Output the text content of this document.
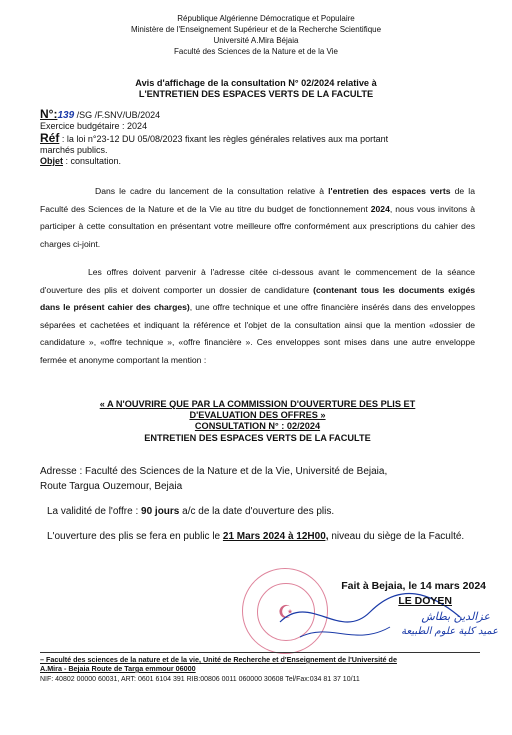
République Algérienne Démocratique et Populaire
Ministère de l'Enseignement Supérieur et de la Recherche Scientifique
Université A.Mira Béjaia
Faculté des Sciences de la Nature et de la Vie
Avis d'affichage de la consultation N° 02/2024 relative à
L'ENTRETIEN DES ESPACES VERTS DE LA FACULTE
N°:139 /SG /F.SNV/UB/2024
Exercice budgétaire : 2024
Réf : la loi n°23-12 DU 05/08/2023 fixant les règles générales relatives aux ma portant
marchés publics.
Objet : consultation.
Dans le cadre du lancement de la consultation relative à l'entretien des espaces verts de la Faculté des Sciences de la Nature et de la Vie au titre du budget de fonctionnement 2024, nous vous invitons à participer à cette consultation en présentant votre meilleure offre conformément aux prescriptions du cahier des charges ci-joint.
Les offres doivent parvenir à l'adresse citée ci-dessous avant le commencement de la séance d'ouverture des plis et doivent comporter un dossier de candidature (contenant tous les documents exigés dans le présent cahier des charges), une offre technique et une offre financière insérés dans des enveloppes séparées et cachetées et indiquant la référence et l'objet de la consultation ainsi que la mention «dossier de candidature », «offre technique », «offre financière ». Ces enveloppes sont mises dans une autre enveloppe fermée et anonyme comportant la mention :
« A N'OUVRIRE QUE PAR LA COMMISSION D'OUVERTURE DES PLIS ET
D'EVALUATION DES OFFRES »
CONSULTATION N° : 02/2024
ENTRETIEN DES ESPACES VERTS DE LA FACULTE
Adresse : Faculté des Sciences de la Nature et de la Vie, Université de Bejaia,
Route Targua Ouzemour, Bejaia
La validité de l'offre : 90 jours a/c de la date d'ouverture des plis.
L'ouverture des plis se fera en public le 21 Mars 2024 à 12H00, niveau du siège de la Faculté.
☪
Fait à Bejaia, le 14 mars 2024
LE DOYEN
عزالدين بطاش
عميد كلية علوم الطبيعة
– Faculté des sciences de la nature et de la vie, Unité de Recherche et d'Enseignement de l'Université de
A.Mira - Bejaia Route de Targa emmour 06000
NIF: 40802 00000 60031, ART: 0601 6104 391 RIB:00806 0011 060000 30608 Tel/Fax:034 81 37 10/11
